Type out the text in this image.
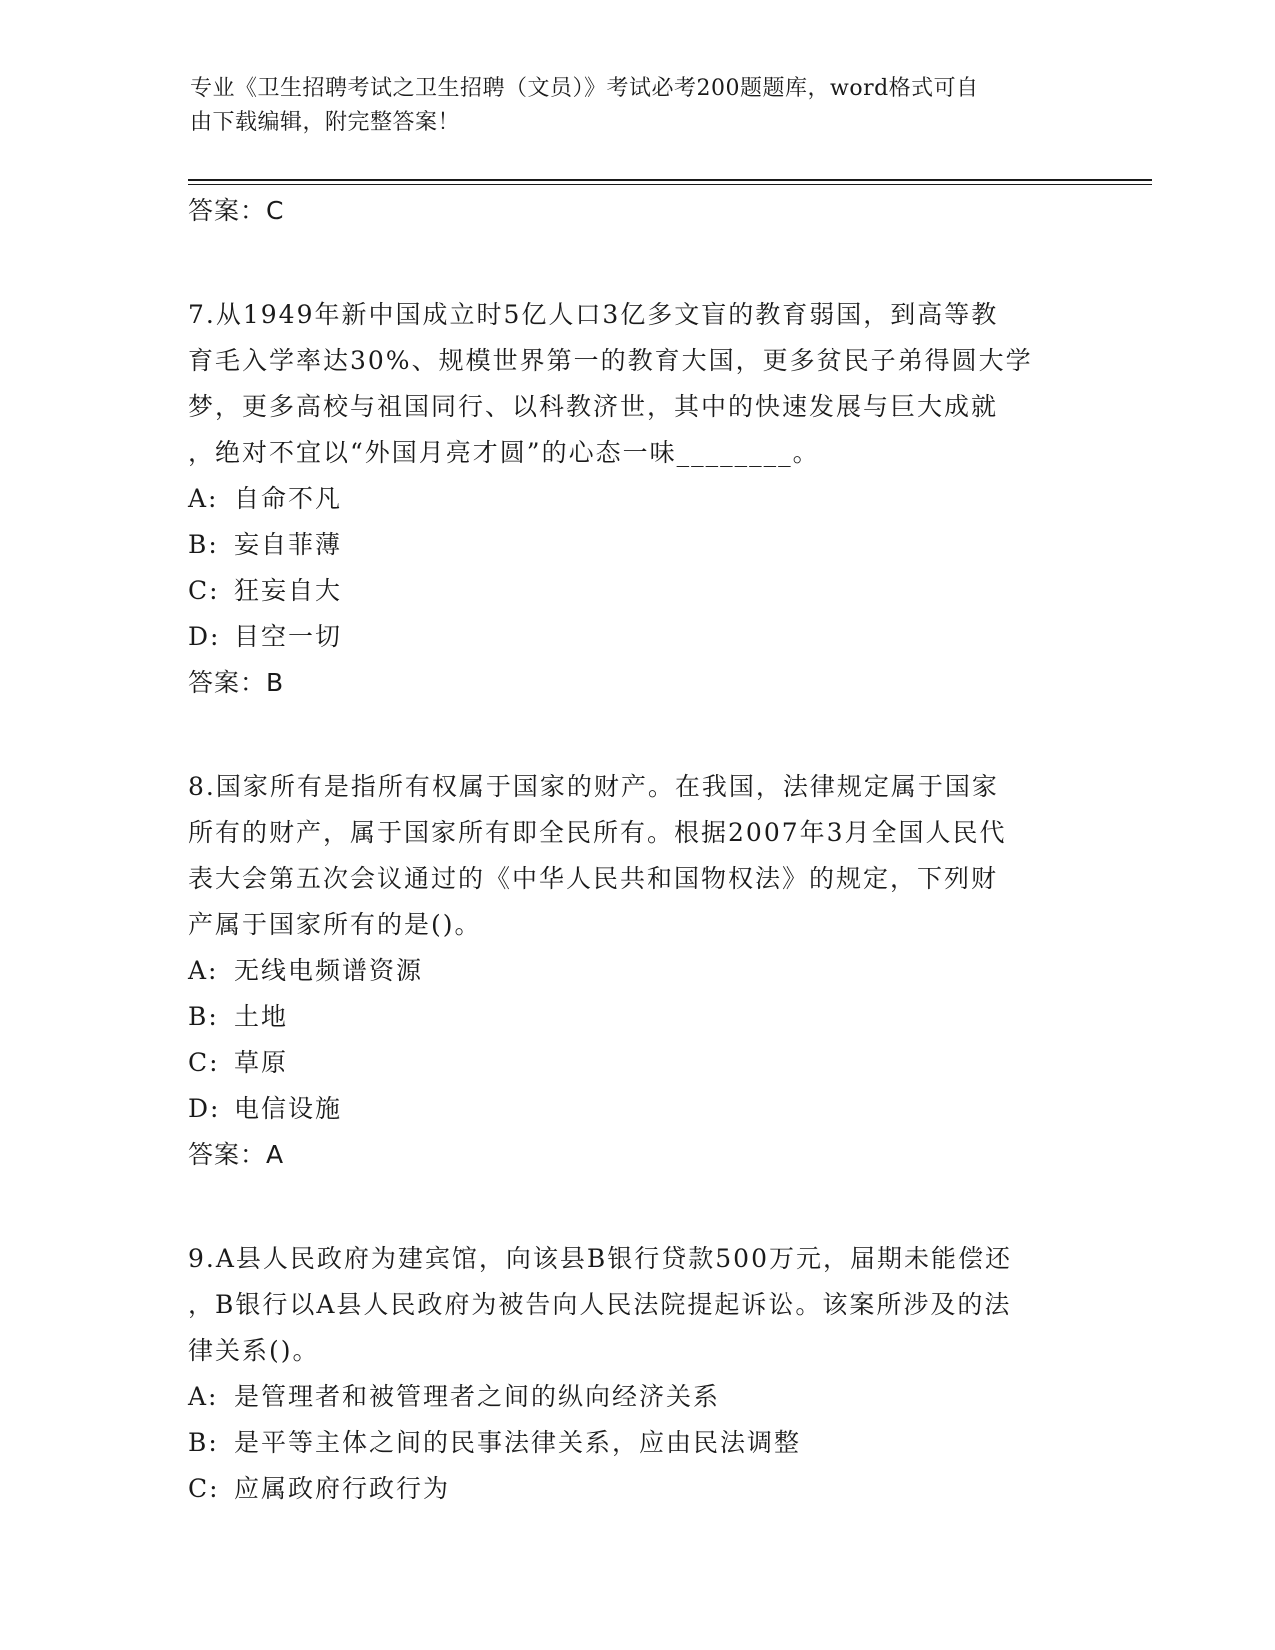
专业《卫生招聘考试之卫生招聘（文员）》考试必考200题题库，word格式可自
由下载编辑，附完整答案！

答案：C

7.从1949年新中国成立时5亿人口3亿多文盲的教育弱国，到高等教
育毛入学率达30%、规模世界第一的教育大国，更多贫民子弟得圆大学
梦，更多高校与祖国同行、以科教济世，其中的快速发展与巨大成就
，绝对不宜以“外国月亮才圆”的心态一味________。

A: 自命不凡

B: 妄自菲薄

C: 狂妄自大

D: 目空一切

答案：B

8.国家所有是指所有权属于国家的财产。在我国，法律规定属于国家
所有的财产，属于国家所有即全民所有。根据2007年3月全国人民代
表大会第五次会议通过的《中华人民共和国物权法》的规定，下列财
产属于国家所有的是()。

A: 无线电频谱资源

B: 土地

C: 草原

D: 电信设施

答案：A

9.A县人民政府为建宾馆，向该县B银行贷款500万元，届期未能偿还
，B银行以A县人民政府为被告向人民法院提起诉讼。该案所涉及的法
律关系()。

A: 是管理者和被管理者之间的纵向经济关系

B: 是平等主体之间的民事法律关系，应由民法调整

C: 应属政府行政行为
